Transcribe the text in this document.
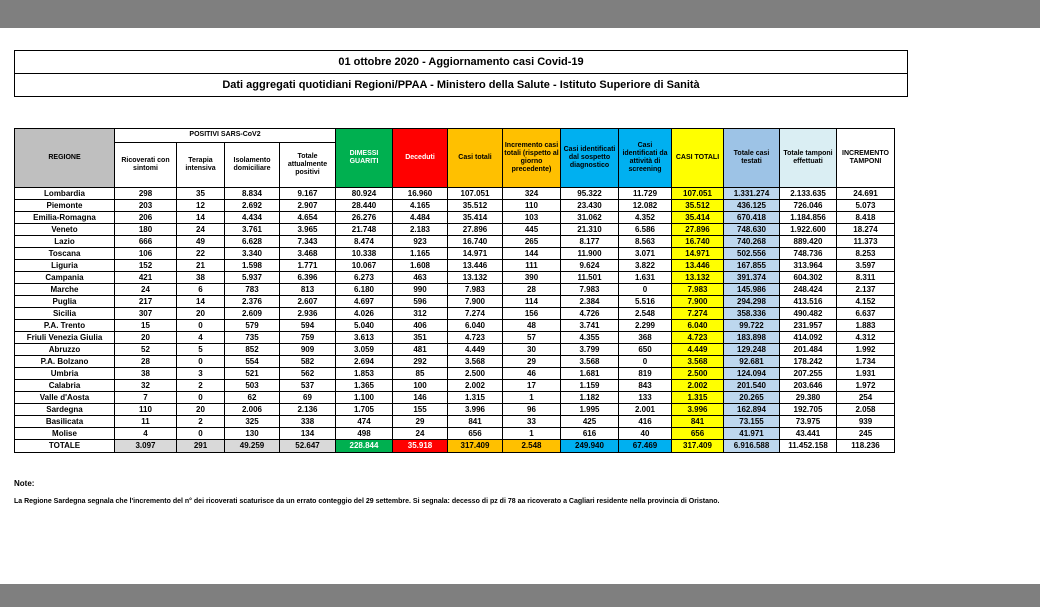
01 ottobre 2020 - Aggiornamento casi Covid-19
Dati aggregati quotidiani Regioni/PPAA - Ministero della Salute - Istituto Superiore di Sanità
REGIONE	POSITIVI SARS-CoV2				DIMESSI GUARITI	Deceduti	Casi totali	Incremento casi totali (rispetto al giorno precedente)	Casi identificati dal sospetto diagnostico	Casi identificati da attività di screening	CASI TOTALI	Totale casi testati	Totale tamponi effettuati	INCREMENTO TAMPONI
	Ricoverati con sintomi	Terapia intensiva	Isolamento domiciliare	Totale attualmente positivi										
Lombardia	298	35	8.834	9.167	80.924	16.960	107.051	324	95.322	11.729	107.051	1.331.274	2.133.635	24.691
Piemonte	203	12	2.692	2.907	28.440	4.165	35.512	110	23.430	12.082	35.512	436.125	726.046	5.073
Emilia-Romagna	206	14	4.434	4.654	26.276	4.484	35.414	103	31.062	4.352	35.414	670.418	1.184.856	8.418
Veneto	180	24	3.761	3.965	21.748	2.183	27.896	445	21.310	6.586	27.896	748.630	1.922.600	18.274
Lazio	666	49	6.628	7.343	8.474	923	16.740	265	8.177	8.563	16.740	740.268	889.420	11.373
Toscana	106	22	3.340	3.468	10.338	1.165	14.971	144	11.900	3.071	14.971	502.556	748.736	8.253
Liguria	152	21	1.598	1.771	10.067	1.608	13.446	111	9.624	3.822	13.446	167.855	313.964	3.597
Campania	421	38	5.937	6.396	6.273	463	13.132	390	11.501	1.631	13.132	391.374	604.302	8.311
Marche	24	6	783	813	6.180	990	7.983	28	7.983	0	7.983	145.986	248.424	2.137
Puglia	217	14	2.376	2.607	4.697	596	7.900	114	2.384	5.516	7.900	294.298	413.516	4.152
Sicilia	307	20	2.609	2.936	4.026	312	7.274	156	4.726	2.548	7.274	358.336	490.482	6.637
P.A. Trento	15	0	579	594	5.040	406	6.040	48	3.741	2.299	6.040	99.722	231.957	1.883
Friuli Venezia Giulia	20	4	735	759	3.613	351	4.723	57	4.355	368	4.723	183.898	414.092	4.312
Abruzzo	52	5	852	909	3.059	481	4.449	30	3.799	650	4.449	129.248	201.484	1.992
P.A. Bolzano	28	0	554	582	2.694	292	3.568	29	3.568	0	3.568	92.681	178.242	1.734
Umbria	38	3	521	562	1.853	85	2.500	46	1.681	819	2.500	124.094	207.255	1.931
Calabria	32	2	503	537	1.365	100	2.002	17	1.159	843	2.002	201.540	203.646	1.972
Valle d'Aosta	7	0	62	69	1.100	146	1.315	1	1.182	133	1.315	20.265	29.380	254
Sardegna	110	20	2.006	2.136	1.705	155	3.996	96	1.995	2.001	3.996	162.894	192.705	2.058
Basilicata	11	2	325	338	474	29	841	33	425	416	841	73.155	73.975	939
Molise	4	0	130	134	498	24	656	1	616	40	656	41.971	43.441	245
TOTALE	3.097	291	49.259	52.647	228.844	35.918	317.409	2.548	249.940	67.469	317.409	6.916.588	11.452.158	118.236
Note:
La Regione Sardegna segnala che l'incremento del n° dei ricoverati scaturisce da un errato conteggio del 29 settembre. Si segnala: decesso di pz di 78 aa ricoverato a Cagliari residente nella provincia di Oristano.
